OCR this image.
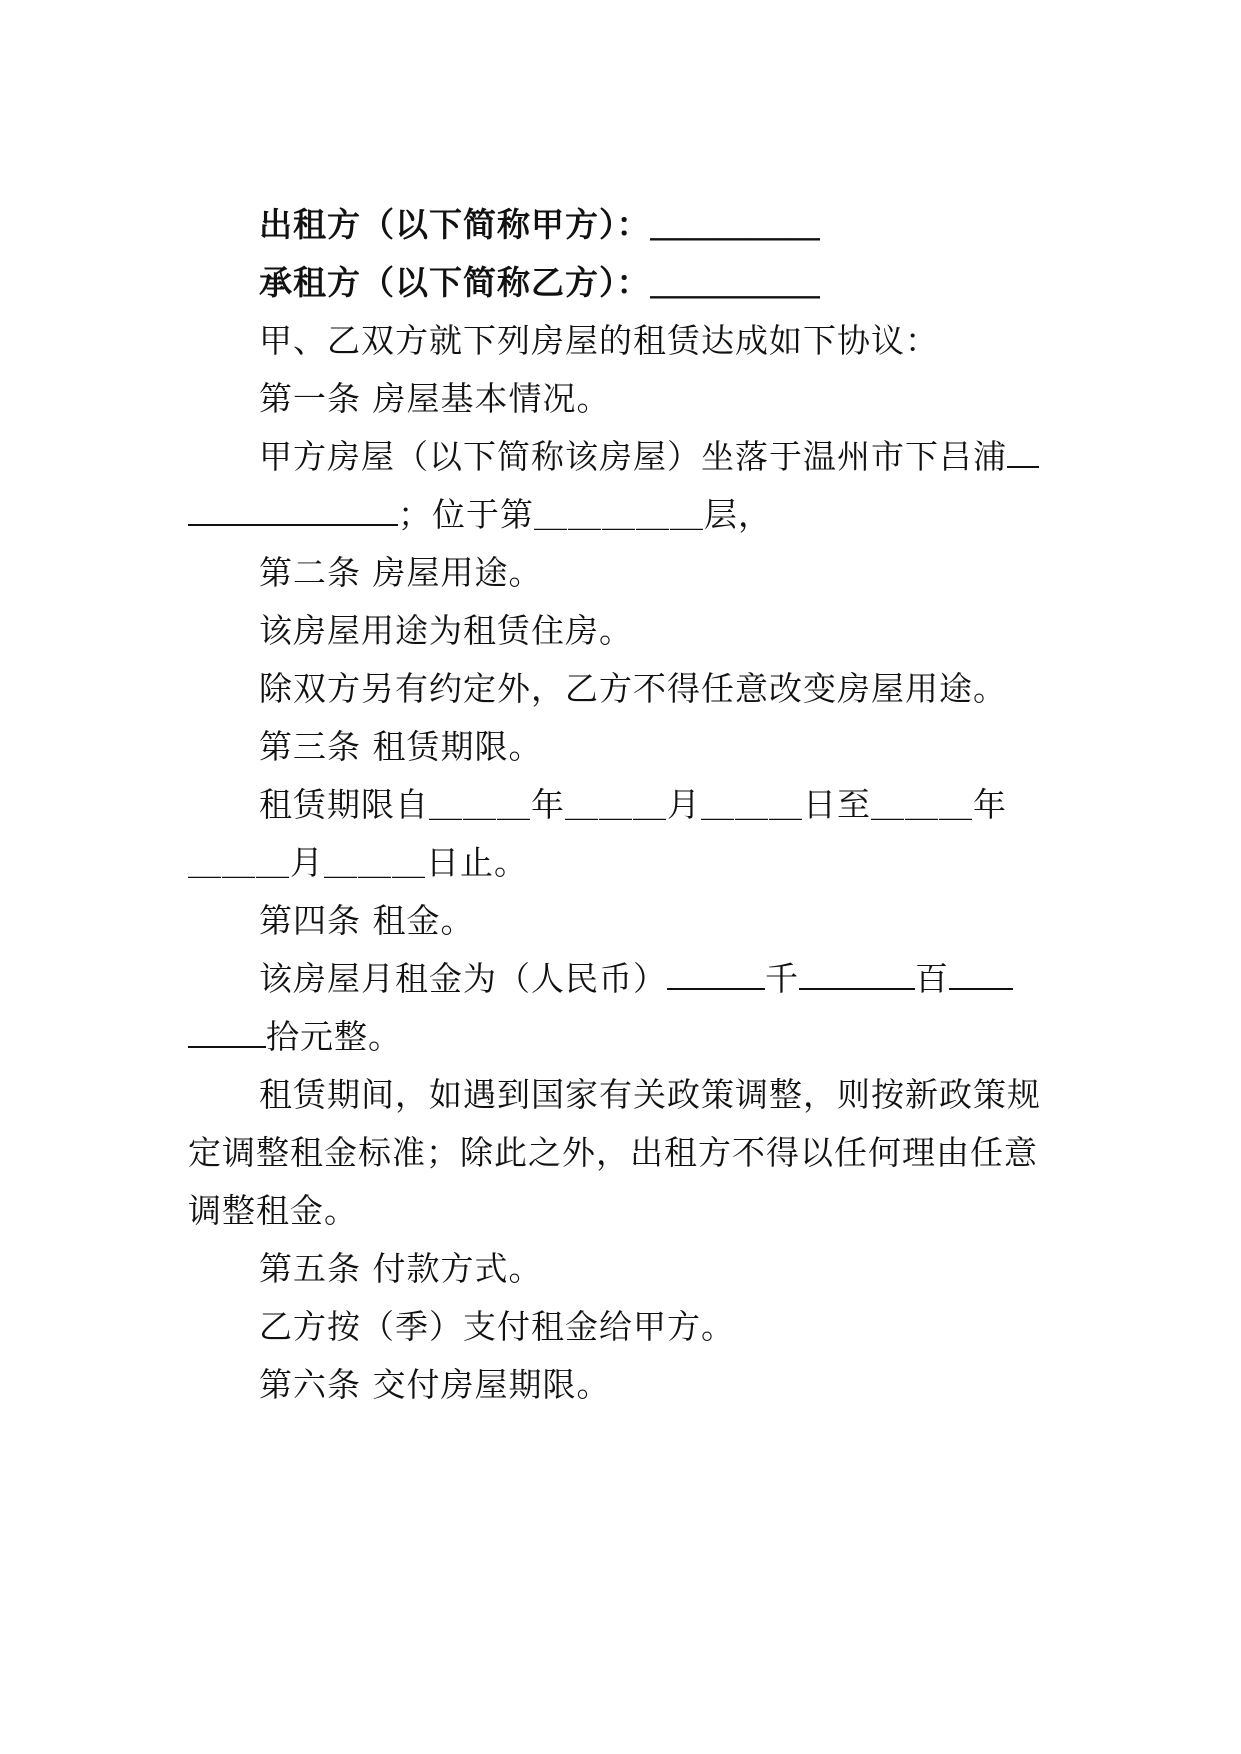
出租方（以下简称甲方）：＿＿＿＿＿
承租方（以下简称乙方）：＿＿＿＿＿
甲、乙双方就下列房屋的租赁达成如下协议：
第一条 房屋基本情况。
甲方房屋（以下简称该房屋）坐落于温州市下吕浦
；位于第＿＿＿＿＿层，
第二条 房屋用途。
该房屋用途为租赁住房。
除双方另有约定外，乙方不得任意改变房屋用途。
第三条 租赁期限。
租赁期限自＿＿＿年＿＿＿月＿＿＿日至＿＿＿年
＿＿＿月＿＿＿日止。
第四条 租金。
该房屋月租金为（人民币）	千	百
拾元整。
租赁期间，如遇到国家有关政策调整，则按新政策规
定调整租金标准；除此之外，出租方不得以任何理由任意
调整租金。
第五条 付款方式。
乙方按（季）支付租金给甲方。
第六条 交付房屋期限。
